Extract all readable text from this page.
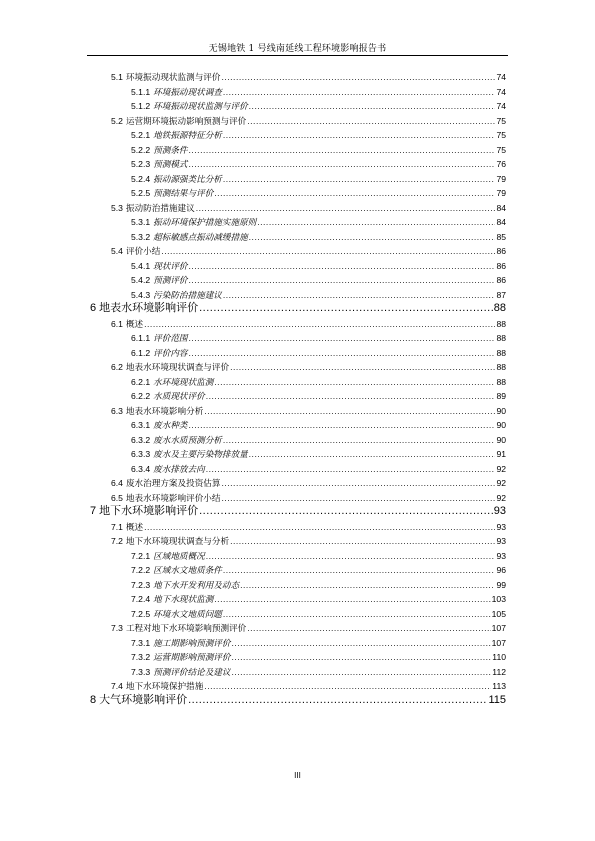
无锡地铁 1 号线南延线工程环境影响报告书
5.1 环境振动现状监测与评价 .....	74
5.1.1 环境振动现状调查 .....	74
5.1.2 环境振动现状监测与评价 .....	74
5.2 运营期环境振动影响预测与评价 .....	75
5.2.1 地铁振源特征分析 .....	75
5.2.2 预测条件 .....	75
5.2.3 预测模式 .....	76
5.2.4 振动源强类比分析 .....	79
5.2.5 预测结果与评价 .....	79
5.3 振动防治措施建议 .....	84
5.3.1 振动环境保护措施实施原则 .....	84
5.3.2 超标敏感点振动减缓措施 .....	85
5.4 评价小结 .....	86
5.4.1 现状评价 .....	86
5.4.2 预测评价 .....	86
5.4.3 污染防治措施建议 .....	87
6 地表水环境影响评价 .....	88
6.1 概述 .....	88
6.1.1 评价范围 .....	88
6.1.2 评价内容 .....	88
6.2 地表水环境现状调查与评价 .....	88
6.2.1 水环境现状监测 .....	88
6.2.2 水质现状评价 .....	89
6.3 地表水环境影响分析 .....	90
6.3.1 废水种类 .....	90
6.3.2 废水水质预测分析 .....	90
6.3.3 废水及主要污染物排放量 .....	91
6.3.4 废水排放去向 .....	92
6.4 废水治理方案及投资估算 .....	92
6.5 地表水环境影响评价小结 .....	92
7 地下水环境影响评价 .....	93
7.1 概述 .....	93
7.2 地下水环境现状调查与分析 .....	93
7.2.1 区域地质概况 .....	93
7.2.2 区域水文地质条件 .....	96
7.2.3 地下水开发利用及动态 .....	99
7.2.4 地下水现状监测 .....	103
7.2.5 环境水文地质问题 .....	105
7.3 工程对地下水环境影响预测评价 .....	107
7.3.1 施工期影响预测评价 .....	107
7.3.2 运营期影响预测评价 .....	110
7.3.3 预测评价结论及建议 .....	112
7.4 地下水环境保护措施 .....	113
8 大气环境影响评价 .....	115
III
